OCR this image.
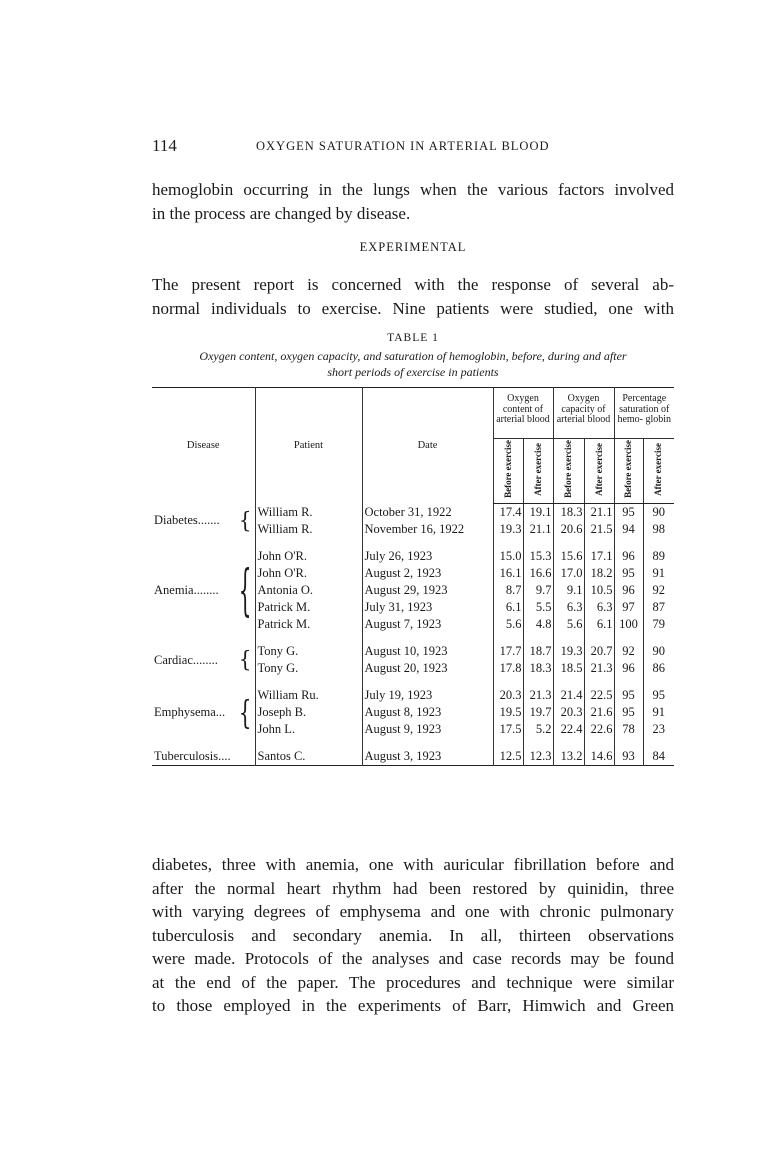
114	OXYGEN SATURATION IN ARTERIAL BLOOD

hemoglobin occurring in the lungs when the various factors involved
in the process are changed by disease.

EXPERIMENTAL

The present report is concerned with the response of several ab-
normal individuals to exercise. Nine patients were studied, one with

TABLE 1
Oxygen content, oxygen capacity, and saturation of hemoglobin, before, during and after
short periods of exercise in patients
Disease	Patient	Date	Oxygen content of arterial blood		Oxygen capacity of arterial blood		Percentage saturation of hemo- globin	
			Before exercise	After exercise	Before exercise	After exercise	Before exercise	After exercise
Diabetes....... {	William R.	October 31, 1922	17.4	19.1	18.3	21.1	95	90
	William R.	November 16, 1922	19.3	21.1	20.6	21.5	94	98

Anemia........ {	John O'R.	July 26, 1923	15.0	15.3	15.6	17.1	96	89
	John O'R.	August 2, 1923	16.1	16.6	17.0	18.2	95	91
	Antonia O.	August 29, 1923	8.7	9.7	9.1	10.5	96	92
	Patrick M.	July 31, 1923	6.1	5.5	6.3	6.3	97	87
	Patrick M.	August 7, 1923	5.6	4.8	5.6	6.1	100	79

Cardiac........ {	Tony G.	August 10, 1923	17.7	18.7	19.3	20.7	92	90
	Tony G.	August 20, 1923	17.8	18.3	18.5	21.3	96	86

Emphysema... {	William Ru.	July 19, 1923	20.3	21.3	21.4	22.5	95	95
	Joseph B.	August 8, 1923	19.5	19.7	20.3	21.6	95	91
	John L.	August 9, 1923	17.5	5.2	22.4	22.6	78	23

Tuberculosis....	Santos C.	August 3, 1923	12.5	12.3	13.2	14.6	93	84

diabetes, three with anemia, one with auricular fibrillation before and
after the normal heart rhythm had been restored by quinidin, three
with varying degrees of emphysema and one with chronic pulmonary
tuberculosis and secondary anemia. In all, thirteen observations
were made. Protocols of the analyses and case records may be found
at the end of the paper. The procedures and technique were similar
to those employed in the experiments of Barr, Himwich and Green
